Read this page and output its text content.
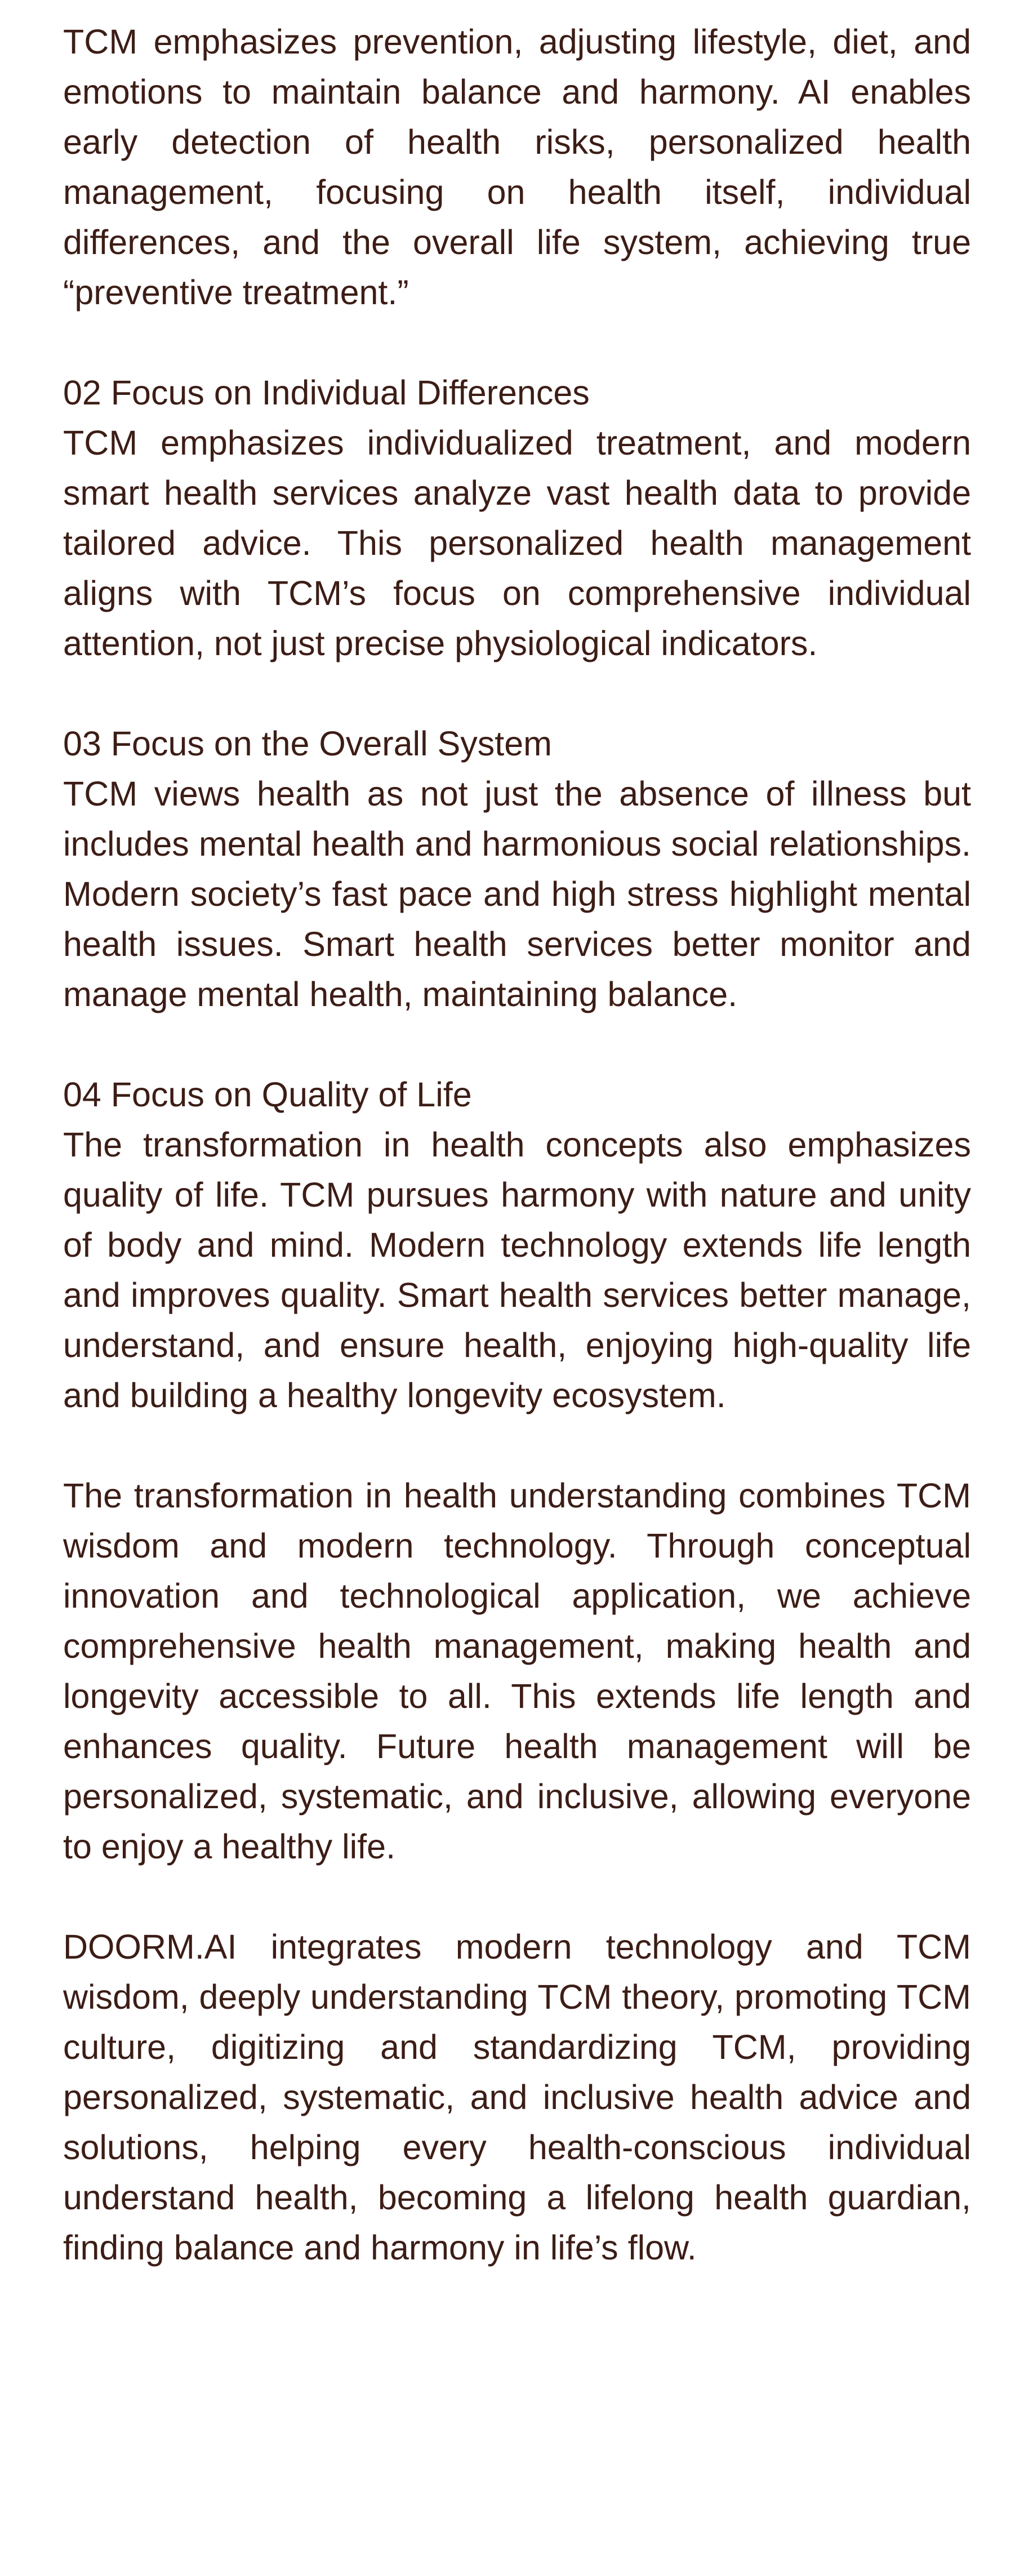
TCM emphasizes prevention, adjusting lifestyle, diet, and emotions to maintain balance and harmony. AI enables early detection of health risks, personalized health management, focusing on health itself, individual differences, and the overall life system, achieving true “preventive treatment.”

02 Focus on Individual Differences

TCM emphasizes individualized treatment, and modern smart health services analyze vast health data to provide tailored advice. This personalized health management aligns with TCM’s focus on comprehensive individual attention, not just precise physiological indicators.

03 Focus on the Overall System

TCM views health as not just the absence of illness but includes mental health and harmonious social relationships. Modern society’s fast pace and high stress highlight mental health issues. Smart health services better monitor and manage mental health, maintaining balance.

04 Focus on Quality of Life

The transformation in health concepts also emphasizes quality of life. TCM pursues harmony with nature and unity of body and mind. Modern technology extends life length and improves quality. Smart health services better manage, understand, and ensure health, enjoying high-quality life and building a healthy longevity ecosystem.

The transformation in health understanding combines TCM wisdom and modern technology. Through conceptual innovation and technological application, we achieve comprehensive health management, making health and longevity accessible to all. This extends life length and enhances quality. Future health management will be personalized, systematic, and inclusive, allowing everyone to enjoy a healthy life.

DOORM.AI integrates modern technology and TCM wisdom, deeply understanding TCM theory, promoting TCM culture, digitizing and standardizing TCM, providing personalized, systematic, and inclusive health advice and solutions, helping every health-conscious individual understand health, becoming a lifelong health guardian, finding balance and harmony in life’s flow.
